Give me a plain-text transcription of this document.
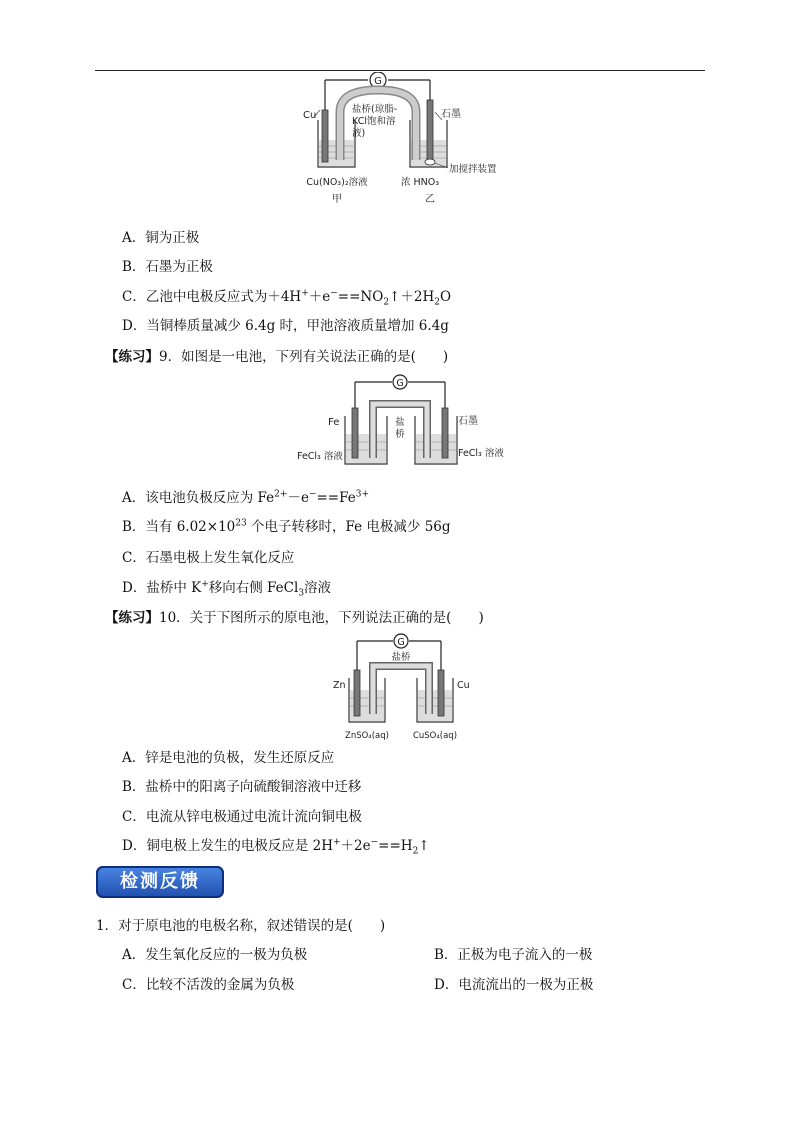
G
Cu	石墨
盐桥(琼脂-
KCl饱和溶
液)
加搅拌装置
Cu(NO₃)₂溶液	浓 HNO₃
甲	乙
A．铜为正极
B．石墨为正极
C．乙池中电极反应式为$+4H^++e^-==NO_2↑+2H_2O$
D．当铜棒质量减少 6.4g 时，甲池溶液质量增加 6.4g
【练习】9．如图是一电池，下列有关说法正确的是(　　)
G
盐
桥
Fe	石墨
FeCl₃ 溶液	FeCl₃ 溶液
A．该电池负极反应为 $Fe^{2+}-e^-==Fe^{3+}$
B．当有 $6.02\times 10^{23}$ 个电子转移时，Fe 电极减少 56g
C．石墨电极上发生氧化反应
D．盐桥中 K+移向右侧 FeCl$_3$溶液
【练习】10．关于下图所示的原电池，下列说法正确的是(　　)
G
盐桥
Zn	Cu
ZnSO₄(aq)	CuSO₄(aq)
A．锌是电池的负极，发生还原反应
B．盐桥中的阳离子向硫酸铜溶液中迁移
C．电流从锌电极通过电流计流向铜电极
D．铜电极上发生的电极反应是 $2H^++2e^-==H_2↑$
检测反馈
1．对于原电池的电极名称，叙述错误的是(　　)
A．发生氧化反应的一极为负极	B．正极为电子流入的一极
C．比较不活泼的金属为负极	D．电流流出的一极为正极
